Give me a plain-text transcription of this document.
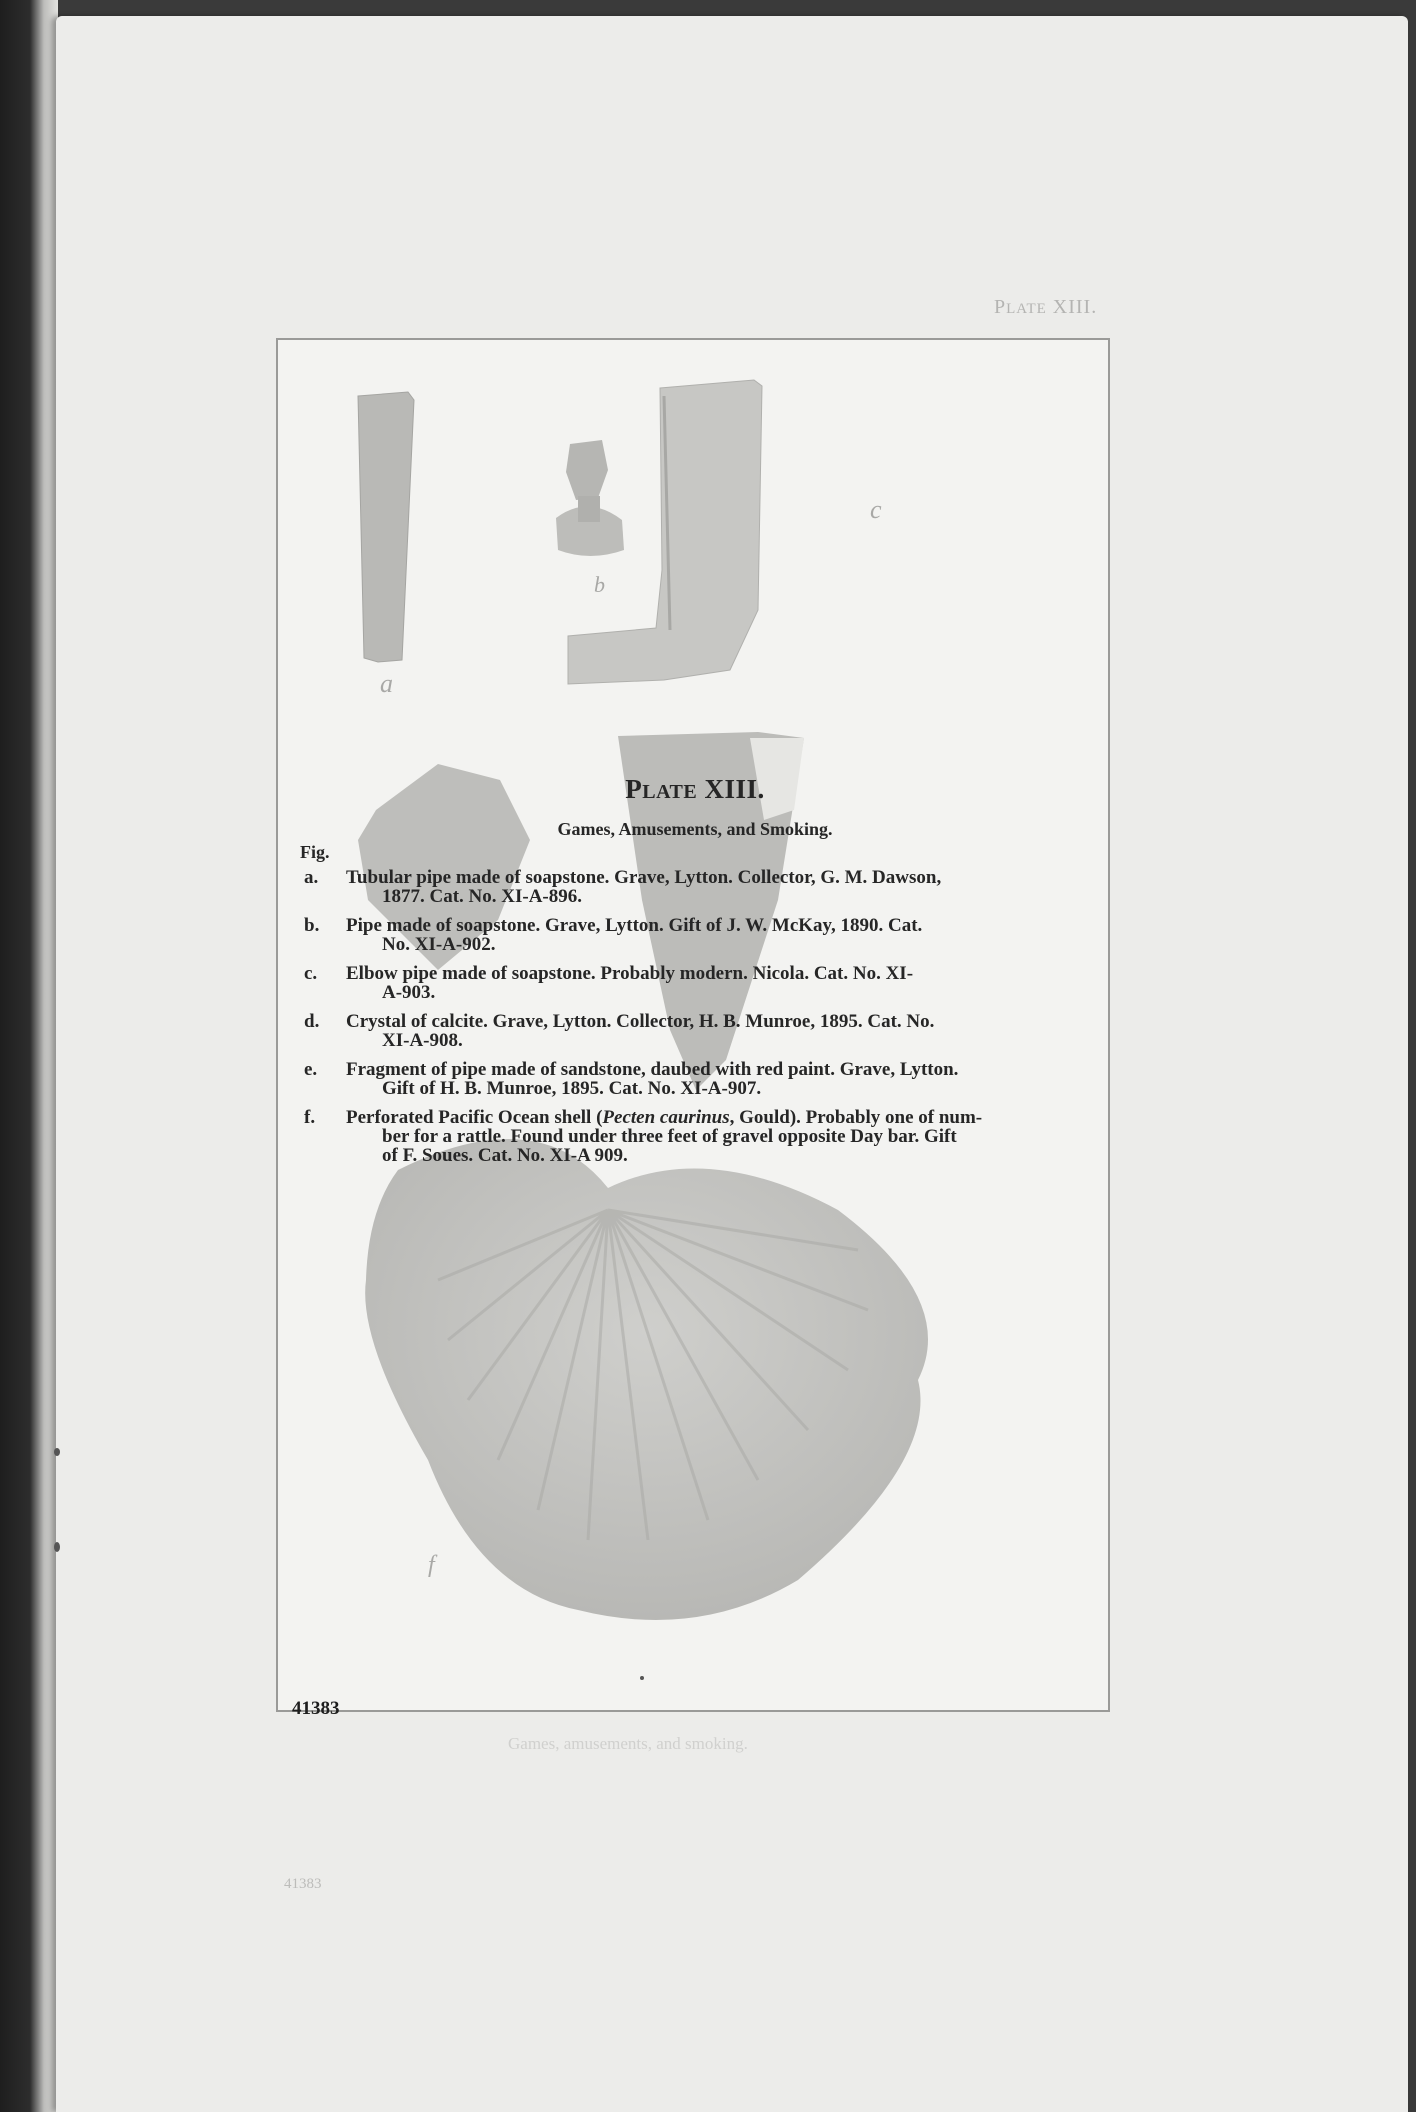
PLATE XIII.
a
b
c
f
PLATE XIII.
Games, Amusements, and Smoking.
Fig.
a.	Tubular pipe made of soapstone. Grave, Lytton. Collector, G. M. Dawson,
1877. Cat. No. XI-A-896.
b.	Pipe made of soapstone. Grave, Lytton. Gift of J. W. McKay, 1890. Cat.
No. XI-A-902.
c.	Elbow pipe made of soapstone. Probably modern. Nicola. Cat. No. XI-
A-903.
d.	Crystal of calcite. Grave, Lytton. Collector, H. B. Munroe, 1895. Cat. No.
XI-A-908.
e.	Fragment of pipe made of sandstone, daubed with red paint. Grave, Lytton.
Gift of H. B. Munroe, 1895. Cat. No. XI-A-907.
f.	Perforated Pacific Ocean shell (Pecten caurinus, Gould). Probably one of num-
ber for a rattle. Found under three feet of gravel opposite Day bar. Gift
of F. Soues. Cat. No. XI-A 909.
41383
Games, amusements, and smoking.
41383
